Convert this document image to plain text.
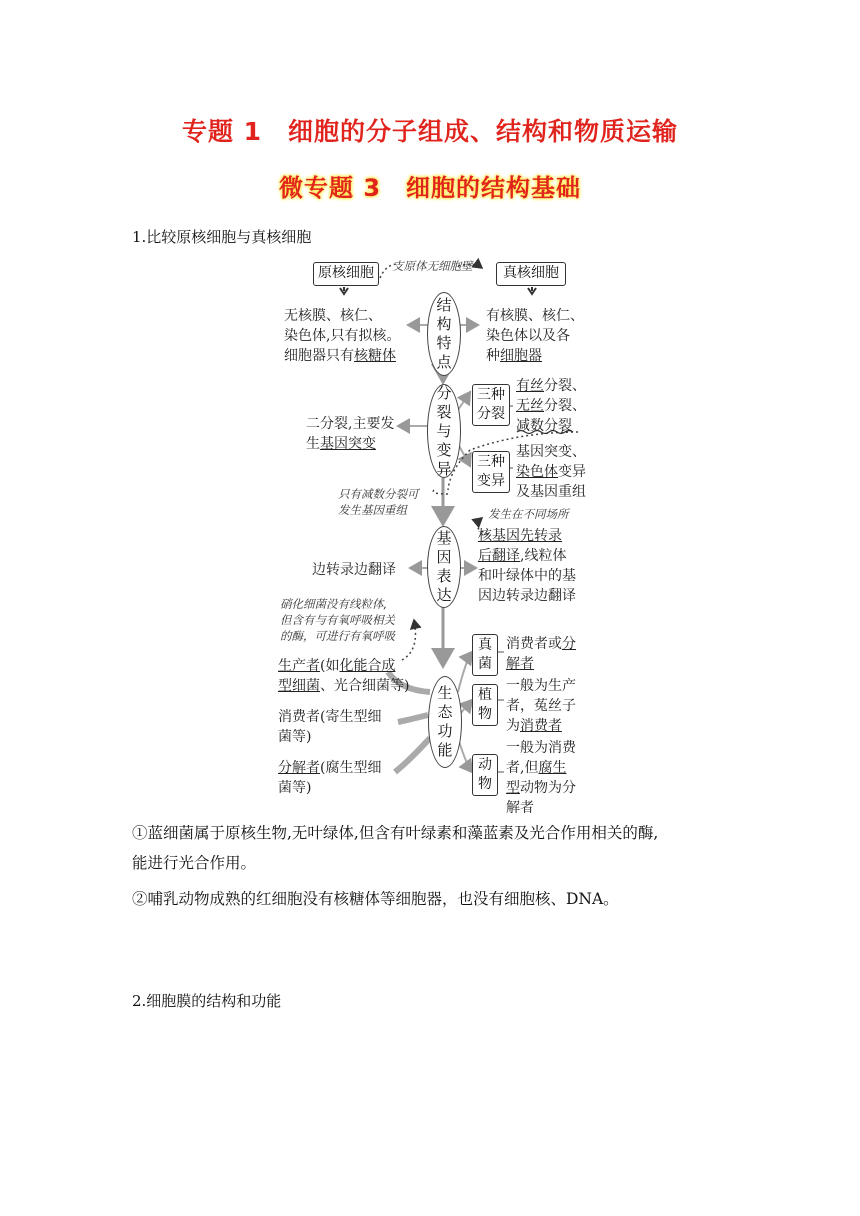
专题 1　细胞的分子组成、结构和物质运输
微专题 3　细胞的结构基础
1.比较原核细胞与真核细胞
原核细胞	真核细胞
支原体无细胞壁
结构特点
无核膜、核仁、
染色体,只有拟核。
细胞器只有核糖体
有核膜、核仁、
染色体以及各
种细胞器
分裂与变异
二分裂,主要发
生基因突变
三种分裂
有丝分裂、
无丝分裂、
减数分裂
三种变异
基因突变、
染色体变异
及基因重组
只有减数分裂可
发生基因重组
基因表达
边转录边翻译
发生在不同场所
核基因先转录
后翻译,线粒体
和叶绿体中的基
因边转录边翻译
硝化细菌没有线粒体,
但含有与有氧呼吸相关
的酶，可进行有氧呼吸
生态功能
生产者(如化能合成
型细菌、光合细菌等)
消费者(寄生型细
菌等)
分解者(腐生型细
菌等)
真菌
消费者或分
解者
植物
一般为生产
者，菟丝子
为消费者
动物
一般为消费
者,但腐生
型动物为分
解者
①蓝细菌属于原核生物,无叶绿体,但含有叶绿素和藻蓝素及光合作用相关的酶,
能进行光合作用。
②哺乳动物成熟的红细胞没有核糖体等细胞器，也没有细胞核、DNA。
2.细胞膜的结构和功能
